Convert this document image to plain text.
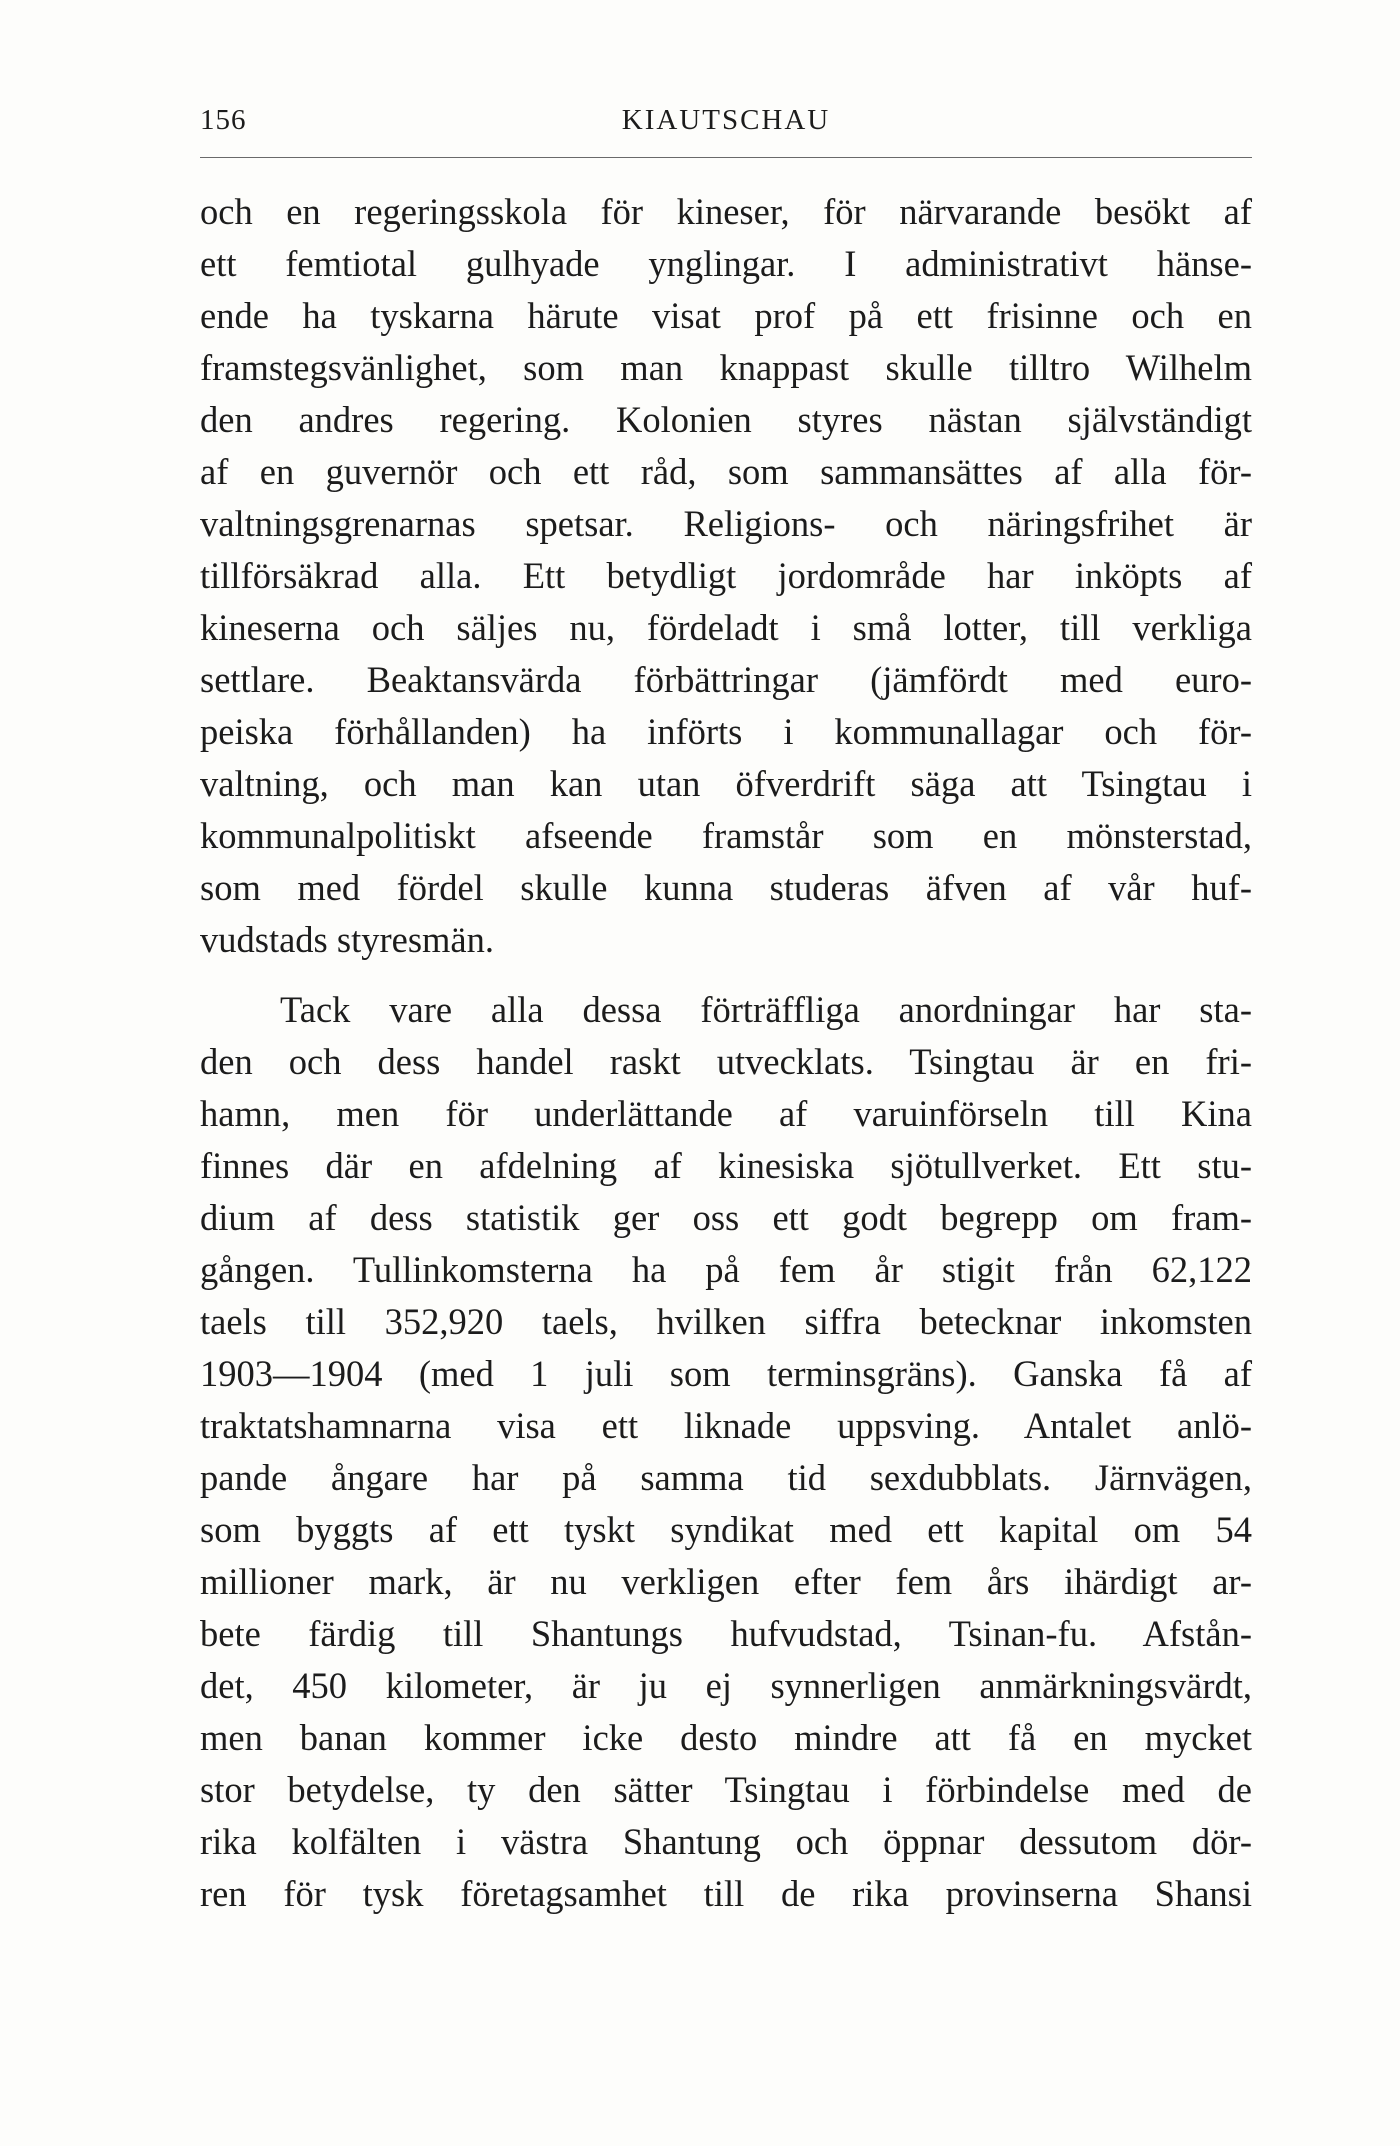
156	KIAUTSCHAU
och en regeringsskola för kineser, för närvarande besökt af
ett femtiotal gulhyade ynglingar. I administrativt hänse-
ende ha tyskarna härute visat prof på ett frisinne och en
framstegsvänlighet, som man knappast skulle tilltro Wilhelm
den andres regering. Kolonien styres nästan självständigt
af en guvernör och ett råd, som sammansättes af alla för-
valtningsgrenarnas spetsar. Religions- och näringsfrihet är
tillförsäkrad alla. Ett betydligt jordområde har inköpts af
kineserna och säljes nu, fördeladt i små lotter, till verkliga
settlare. Beaktansvärda förbättringar (jämfördt med euro-
peiska förhållanden) ha införts i kommunallagar och för-
valtning, och man kan utan öfverdrift säga att Tsingtau i
kommunalpolitiskt afseende framstår som en mönsterstad,
som med fördel skulle kunna studeras äfven af vår huf-
vudstads styresmän.
Tack vare alla dessa förträffliga anordningar har sta-
den och dess handel raskt utvecklats. Tsingtau är en fri-
hamn, men för underlättande af varuinförseln till Kina
finnes där en afdelning af kinesiska sjötullverket. Ett stu-
dium af dess statistik ger oss ett godt begrepp om fram-
gången. Tullinkomsterna ha på fem år stigit från 62,122
taels till 352,920 taels, hvilken siffra betecknar inkomsten
1903—1904 (med 1 juli som terminsgräns). Ganska få af
traktatshamnarna visa ett liknade uppsving. Antalet anlö-
pande ångare har på samma tid sexdubblats. Järnvägen,
som byggts af ett tyskt syndikat med ett kapital om 54
millioner mark, är nu verkligen efter fem års ihärdigt ar-
bete färdig till Shantungs hufvudstad, Tsinan-fu. Afstån-
det, 450 kilometer, är ju ej synnerligen anmärkningsvärdt,
men banan kommer icke desto mindre att få en mycket
stor betydelse, ty den sätter Tsingtau i förbindelse med de
rika kolfälten i västra Shantung och öppnar dessutom dör-
ren för tysk företagsamhet till de rika provinserna Shansi
